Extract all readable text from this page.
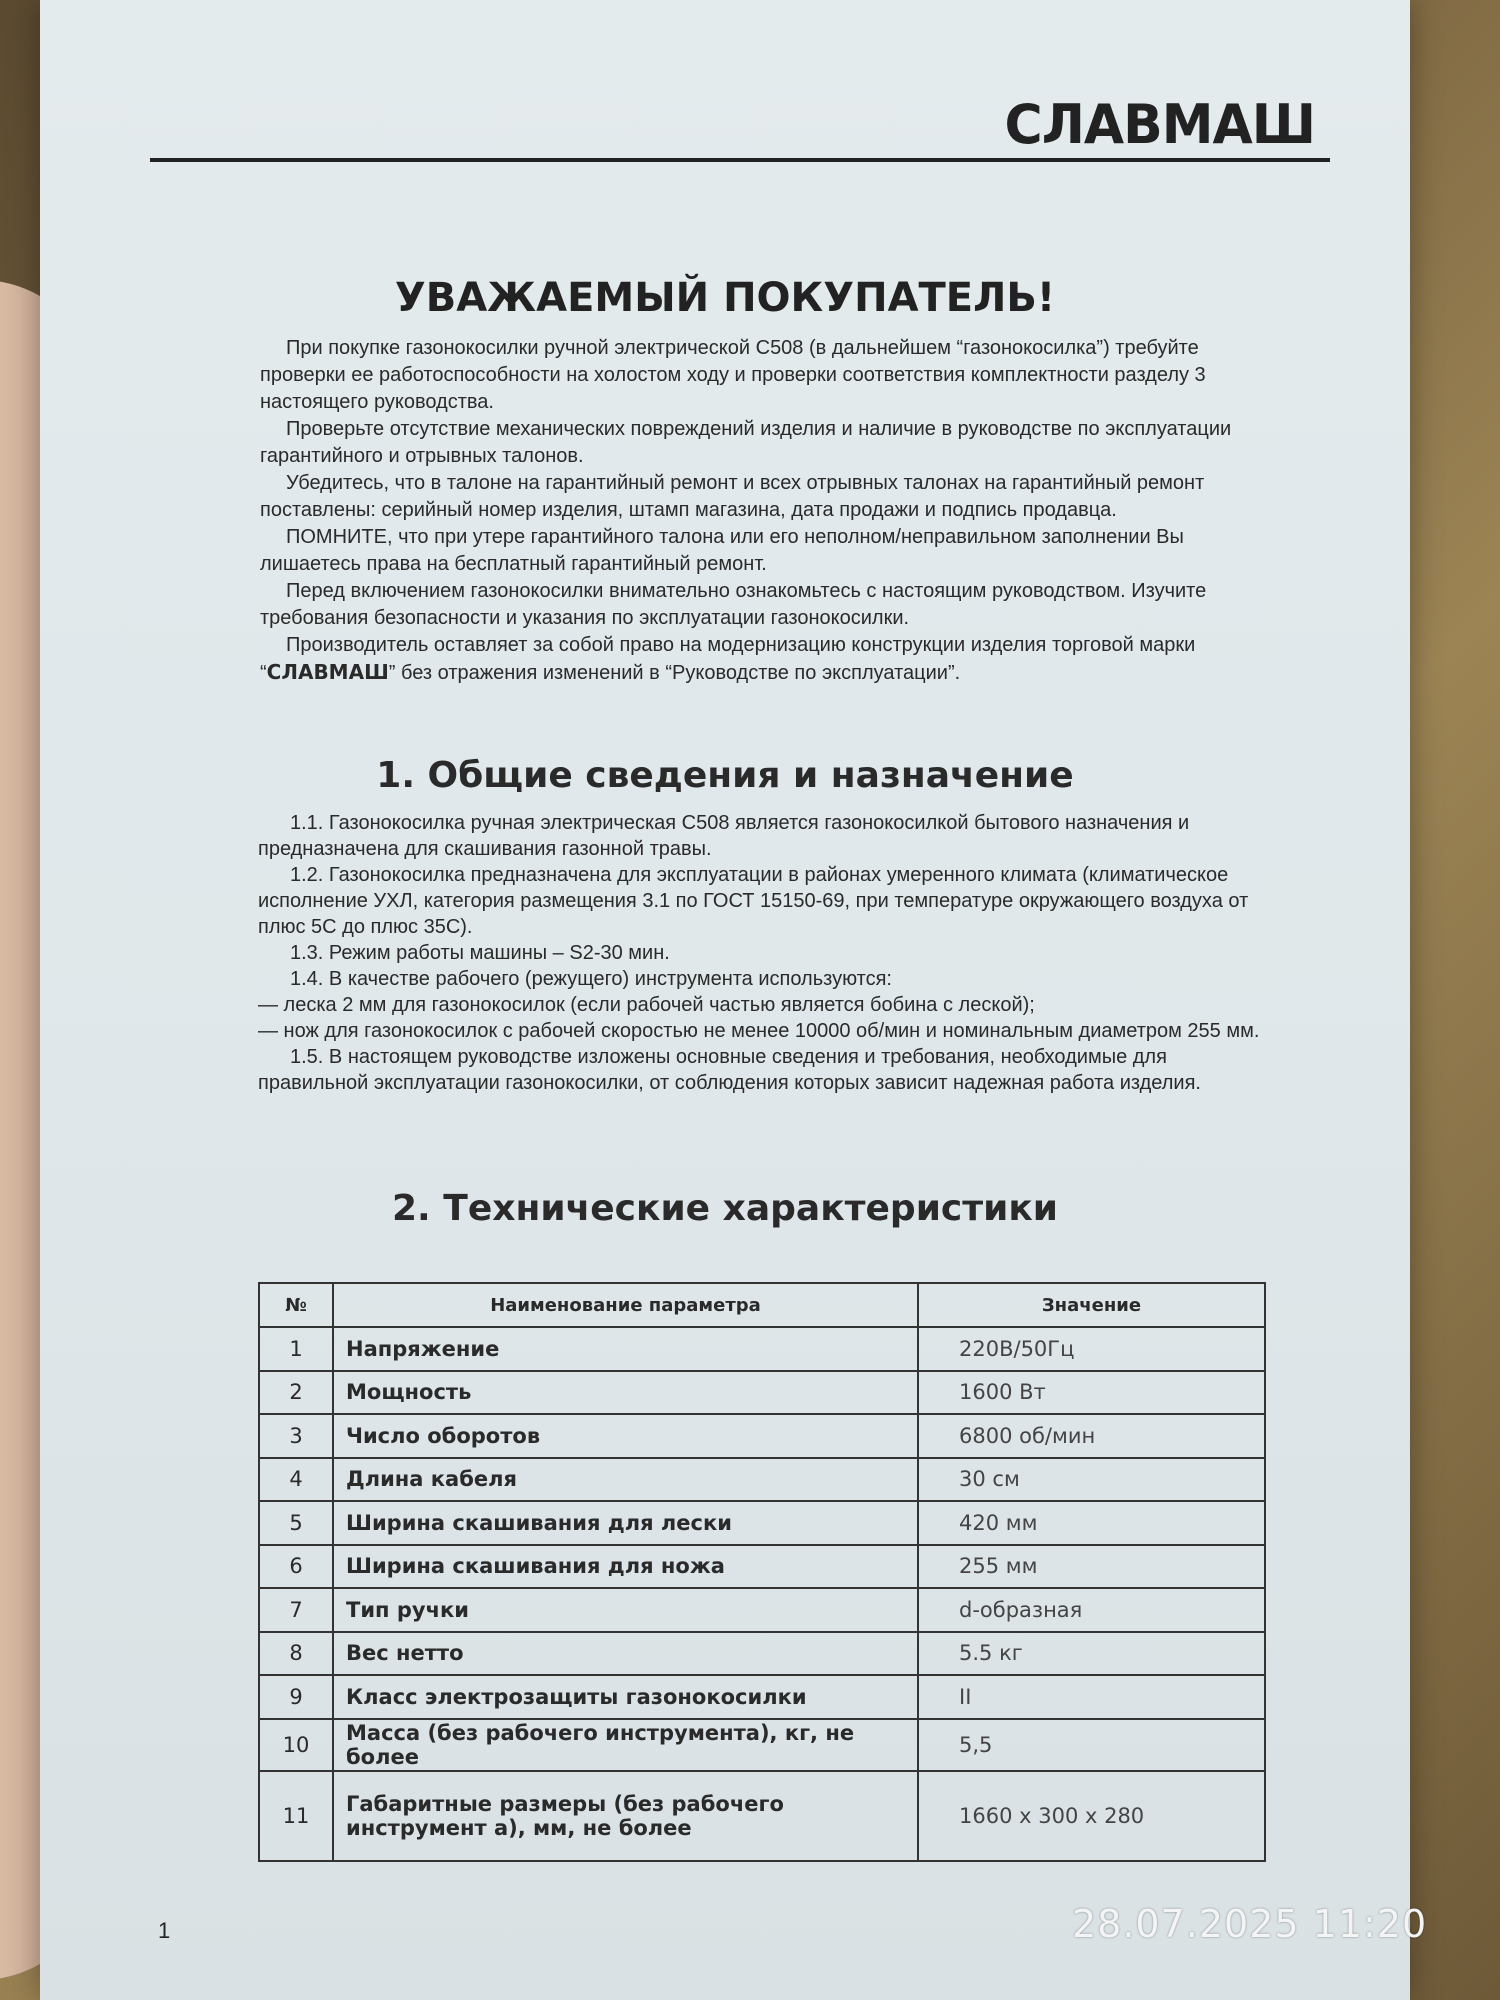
СЛАВМАШ
УВАЖАЕМЫЙ ПОКУПАТЕЛЬ!

При покупке газонокосилки ручной электрической С508 (в дальнейшем “газонокосилка”) требуйте проверки ее работоспособности на холостом ходу и проверки соответствия комплектности разделу 3 настоящего руководства.

Проверьте отсутствие механических повреждений изделия и наличие в руководстве по эксплуатации гарантийного и отрывных талонов.

Убедитесь, что в талоне на гарантийный ремонт и всех отрывных талонах на гарантийный ремонт поставлены: серийный номер изделия, штамп магазина, дата продажи и подпись продавца.

ПОМНИТЕ, что при утере гарантийного талона или его неполном/неправильном заполнении Вы лишаетесь права на бесплатный гарантийный ремонт.

Перед включением газонокосилки внимательно ознакомьтесь с настоящим руководством. Изучите требования безопасности и указания по эксплуатации газонокосилки.

Производитель оставляет за собой право на модернизацию конструкции изделия торговой марки “СЛАВМАШ” без отражения изменений в “Руководстве по эксплуатации”.

1. Общие сведения и назначение

1.1. Газонокосилка ручная электрическая С508 является газонокосилкой бытового назначения и предназначена для скашивания газонной травы.

1.2. Газонокосилка предназначена для эксплуатации в районах умеренного климата (климатическое исполнение УХЛ, категория размещения 3.1 по ГОСТ 15150-69, при температуре окружающего воздуха от плюс 5С до плюс 35С).

1.3. Режим работы машины – S2-30 мин.

1.4. В качестве рабочего (режущего) инструмента используются:

— леска 2 мм для газонокосилок (если рабочей частью является бобина с леской);

— нож для газонокосилок с рабочей скоростью не менее 10000 об/мин и номинальным диаметром 255 мм.

1.5. В настоящем руководстве изложены основные сведения и требования, необходимые для правильной эксплуатации газонокосилки, от соблюдения которых зависит надежная работа изделия.

2. Технические характеристики
№	Наименование параметра	Значение
1	Напряжение	220В/50Гц
2	Мощность	1600 Вт
3	Число оборотов	6800 об/мин
4	Длина кабеля	30 см
5	Ширина скашивания для лески	420 мм
6	Ширина скашивания для ножа	255 мм
7	Тип ручки	d-образная
8	Вес нетто	5.5 кг
9	Класс электрозащиты газонокосилки	II
10	Масса (без рабочего инструмента), кг, не более	5,5
11	Габаритные размеры (без рабочего инструмент а), мм, не более	1660 х 300 х 280
1	28.07.2025 11:20
